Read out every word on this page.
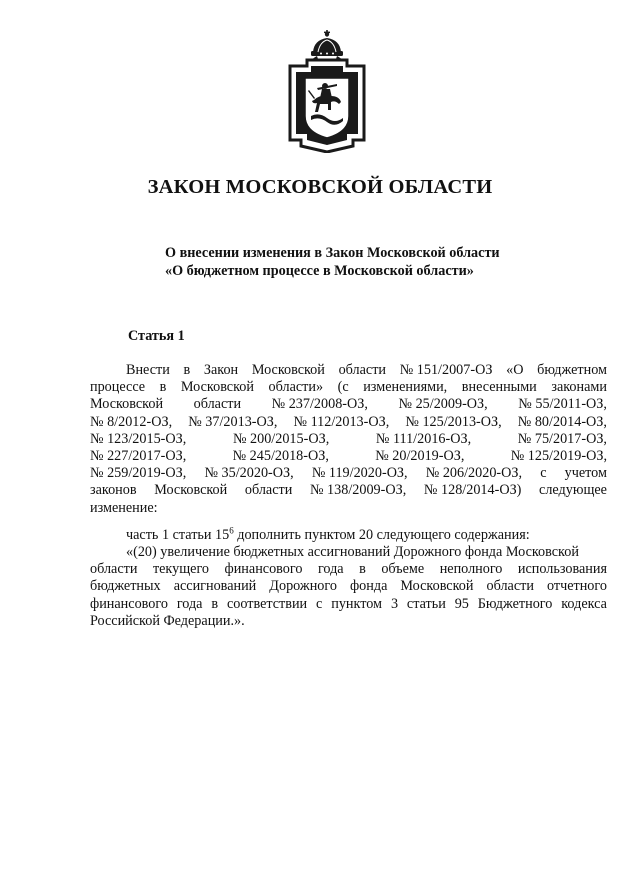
ЗАКОН МОСКОВСКОЙ ОБЛАСТИ
О внесении изменения в Закон Московской области
«О бюджетном процессе в Московской области»
Статья 1
Внести в Закон Московской области № 151/2007-ОЗ «О бюджетном
процессе в Московской области» (с изменениями, внесенными законами
Московской области № 237/2008-ОЗ, № 25/2009-ОЗ, № 55/2011-ОЗ,
№ 8/2012-ОЗ, № 37/2013-ОЗ, № 112/2013-ОЗ, № 125/2013-ОЗ, № 80/2014-ОЗ,
№ 123/2015-ОЗ,	№ 200/2015-ОЗ,	№ 111/2016-ОЗ,	№ 75/2017-ОЗ,
№ 227/2017-ОЗ,	№ 245/2018-ОЗ,	№ 20/2019-ОЗ,	№ 125/2019-ОЗ,
№ 259/2019-ОЗ, № 35/2020-ОЗ, № 119/2020-ОЗ, № 206/2020-ОЗ, с учетом
законов Московской области № 138/2009-ОЗ, № 128/2014-ОЗ) следующее
изменение:
часть 1 статьи $15^6$ дополнить пунктом 20 следующего содержания:
«(20) увеличение бюджетных ассигнований Дорожного фонда Московской
области текущего финансового года в объеме неполного использования
бюджетных ассигнований Дорожного фонда Московской области отчетного
финансового года в соответствии с пунктом 3 статьи 95 Бюджетного кодекса
Российской Федерации.».
